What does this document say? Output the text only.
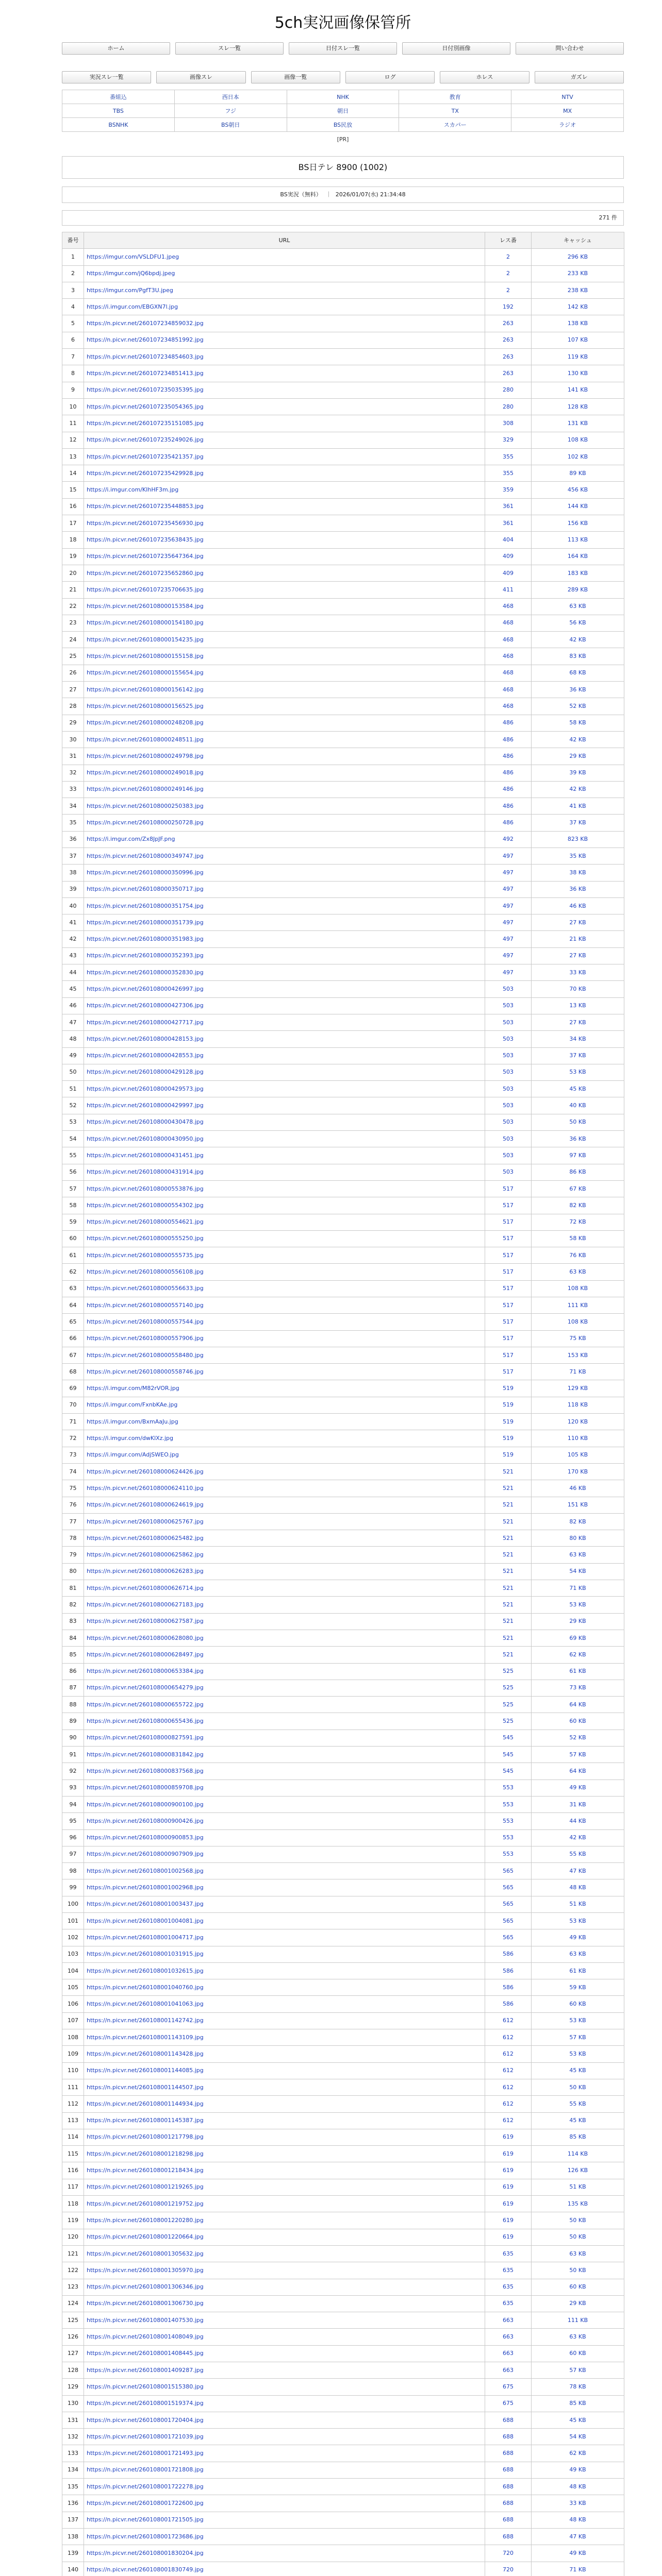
5ch実況画像保管所
ホーム	スレ一覧	日付スレ一覧	日付別画像	問い合わせ
実況スレ一覧	画像スレ	画像一覧	ログ	ホレス	ガズレ
番組込	西日本	NHK	教育	NTV
TBS	フジ	朝日	TX	MX
BSNHK	BS朝日	BS民放	スカパー	ラジオ
[PR]
BS日テレ 8900 (1002)
BS実況（無料） ｜ 2026/01/07(水) 21:34:48
271 件
番号	URL	レス番	キャッシュ
1	https://imgur.com/VSLDFU1.jpeg	2	296 KB
2	https://imgur.com/jQ6bpdj.jpeg	2	233 KB
3	https://imgur.com/PgfT3U.jpeg	2	238 KB
4	https://i.imgur.com/EBGXN7l.jpg	192	142 KB
5	https://n.picvr.net/260107234859032.jpg	263	138 KB
6	https://n.picvr.net/260107234851992.jpg	263	107 KB
7	https://n.picvr.net/260107234854603.jpg	263	119 KB
8	https://n.picvr.net/260107234851413.jpg	263	130 KB
9	https://n.picvr.net/260107235035395.jpg	280	141 KB
10	https://n.picvr.net/260107235054365.jpg	280	128 KB
11	https://n.picvr.net/260107235151085.jpg	308	131 KB
12	https://n.picvr.net/260107235249026.jpg	329	108 KB
13	https://n.picvr.net/260107235421357.jpg	355	102 KB
14	https://n.picvr.net/260107235429928.jpg	355	89 KB
15	https://i.imgur.com/KIhHF3m.jpg	359	456 KB
16	https://n.picvr.net/260107235448853.jpg	361	144 KB
17	https://n.picvr.net/260107235456930.jpg	361	156 KB
18	https://n.picvr.net/260107235638435.jpg	404	113 KB
19	https://n.picvr.net/260107235647364.jpg	409	164 KB
20	https://n.picvr.net/260107235652860.jpg	409	183 KB
21	https://n.picvr.net/260107235706635.jpg	411	289 KB
22	https://n.picvr.net/260108000153584.jpg	468	63 KB
23	https://n.picvr.net/260108000154180.jpg	468	56 KB
24	https://n.picvr.net/260108000154235.jpg	468	42 KB
25	https://n.picvr.net/260108000155158.jpg	468	83 KB
26	https://n.picvr.net/260108000155654.jpg	468	68 KB
27	https://n.picvr.net/260108000156142.jpg	468	36 KB
28	https://n.picvr.net/260108000156525.jpg	468	52 KB
29	https://n.picvr.net/260108000248208.jpg	486	58 KB
30	https://n.picvr.net/260108000248511.jpg	486	42 KB
31	https://n.picvr.net/260108000249798.jpg	486	29 KB
32	https://n.picvr.net/260108000249018.jpg	486	39 KB
33	https://n.picvr.net/260108000249146.jpg	486	42 KB
34	https://n.picvr.net/260108000250383.jpg	486	41 KB
35	https://n.picvr.net/260108000250728.jpg	486	37 KB
36	https://i.imgur.com/Zx8JpJF.png	492	823 KB
37	https://n.picvr.net/260108000349747.jpg	497	35 KB
38	https://n.picvr.net/260108000350996.jpg	497	38 KB
39	https://n.picvr.net/260108000350717.jpg	497	36 KB
40	https://n.picvr.net/260108000351754.jpg	497	46 KB
41	https://n.picvr.net/260108000351739.jpg	497	27 KB
42	https://n.picvr.net/260108000351983.jpg	497	21 KB
43	https://n.picvr.net/260108000352393.jpg	497	27 KB
44	https://n.picvr.net/260108000352830.jpg	497	33 KB
45	https://n.picvr.net/260108000426997.jpg	503	70 KB
46	https://n.picvr.net/260108000427306.jpg	503	13 KB
47	https://n.picvr.net/260108000427717.jpg	503	27 KB
48	https://n.picvr.net/260108000428153.jpg	503	34 KB
49	https://n.picvr.net/260108000428553.jpg	503	37 KB
50	https://n.picvr.net/260108000429128.jpg	503	53 KB
51	https://n.picvr.net/260108000429573.jpg	503	45 KB
52	https://n.picvr.net/260108000429997.jpg	503	40 KB
53	https://n.picvr.net/260108000430478.jpg	503	50 KB
54	https://n.picvr.net/260108000430950.jpg	503	36 KB
55	https://n.picvr.net/260108000431451.jpg	503	97 KB
56	https://n.picvr.net/260108000431914.jpg	503	86 KB
57	https://n.picvr.net/260108000553876.jpg	517	67 KB
58	https://n.picvr.net/260108000554302.jpg	517	82 KB
59	https://n.picvr.net/260108000554621.jpg	517	72 KB
60	https://n.picvr.net/260108000555250.jpg	517	58 KB
61	https://n.picvr.net/260108000555735.jpg	517	76 KB
62	https://n.picvr.net/260108000556108.jpg	517	63 KB
63	https://n.picvr.net/260108000556633.jpg	517	108 KB
64	https://n.picvr.net/260108000557140.jpg	517	111 KB
65	https://n.picvr.net/260108000557544.jpg	517	108 KB
66	https://n.picvr.net/260108000557906.jpg	517	75 KB
67	https://n.picvr.net/260108000558480.jpg	517	153 KB
68	https://n.picvr.net/260108000558746.jpg	517	71 KB
69	https://i.imgur.com/M82rVOR.jpg	519	129 KB
70	https://i.imgur.com/FxnbKAe.jpg	519	118 KB
71	https://i.imgur.com/BxmAaJu.jpg	519	120 KB
72	https://i.imgur.com/dwKlXz.jpg	519	110 KB
73	https://i.imgur.com/AdjSWEO.jpg	519	105 KB
74	https://n.picvr.net/260108000624426.jpg	521	170 KB
75	https://n.picvr.net/260108000624110.jpg	521	46 KB
76	https://n.picvr.net/260108000624619.jpg	521	151 KB
77	https://n.picvr.net/260108000625767.jpg	521	82 KB
78	https://n.picvr.net/260108000625482.jpg	521	80 KB
79	https://n.picvr.net/260108000625862.jpg	521	63 KB
80	https://n.picvr.net/260108000626283.jpg	521	54 KB
81	https://n.picvr.net/260108000626714.jpg	521	71 KB
82	https://n.picvr.net/260108000627183.jpg	521	53 KB
83	https://n.picvr.net/260108000627587.jpg	521	29 KB
84	https://n.picvr.net/260108000628080.jpg	521	69 KB
85	https://n.picvr.net/260108000628497.jpg	521	62 KB
86	https://n.picvr.net/260108000653384.jpg	525	61 KB
87	https://n.picvr.net/260108000654279.jpg	525	73 KB
88	https://n.picvr.net/260108000655722.jpg	525	64 KB
89	https://n.picvr.net/260108000655436.jpg	525	60 KB
90	https://n.picvr.net/260108000827591.jpg	545	52 KB
91	https://n.picvr.net/260108000831842.jpg	545	57 KB
92	https://n.picvr.net/260108000837568.jpg	545	64 KB
93	https://n.picvr.net/260108000859708.jpg	553	49 KB
94	https://n.picvr.net/260108000900100.jpg	553	31 KB
95	https://n.picvr.net/260108000900426.jpg	553	44 KB
96	https://n.picvr.net/260108000900853.jpg	553	42 KB
97	https://n.picvr.net/260108000907909.jpg	553	55 KB
98	https://n.picvr.net/260108001002568.jpg	565	47 KB
99	https://n.picvr.net/260108001002968.jpg	565	48 KB
100	https://n.picvr.net/260108001003437.jpg	565	51 KB
101	https://n.picvr.net/260108001004081.jpg	565	53 KB
102	https://n.picvr.net/260108001004717.jpg	565	49 KB
103	https://n.picvr.net/260108001031915.jpg	586	63 KB
104	https://n.picvr.net/260108001032615.jpg	586	61 KB
105	https://n.picvr.net/260108001040760.jpg	586	59 KB
106	https://n.picvr.net/260108001041063.jpg	586	60 KB
107	https://n.picvr.net/260108001142742.jpg	612	53 KB
108	https://n.picvr.net/260108001143109.jpg	612	57 KB
109	https://n.picvr.net/260108001143428.jpg	612	53 KB
110	https://n.picvr.net/260108001144085.jpg	612	45 KB
111	https://n.picvr.net/260108001144507.jpg	612	50 KB
112	https://n.picvr.net/260108001144934.jpg	612	55 KB
113	https://n.picvr.net/260108001145387.jpg	612	45 KB
114	https://n.picvr.net/260108001217798.jpg	619	85 KB
115	https://n.picvr.net/260108001218298.jpg	619	114 KB
116	https://n.picvr.net/260108001218434.jpg	619	126 KB
117	https://n.picvr.net/260108001219265.jpg	619	51 KB
118	https://n.picvr.net/260108001219752.jpg	619	135 KB
119	https://n.picvr.net/260108001220280.jpg	619	50 KB
120	https://n.picvr.net/260108001220664.jpg	619	50 KB
121	https://n.picvr.net/260108001305632.jpg	635	63 KB
122	https://n.picvr.net/260108001305970.jpg	635	50 KB
123	https://n.picvr.net/260108001306346.jpg	635	60 KB
124	https://n.picvr.net/260108001306730.jpg	635	29 KB
125	https://n.picvr.net/260108001407530.jpg	663	111 KB
126	https://n.picvr.net/260108001408049.jpg	663	63 KB
127	https://n.picvr.net/260108001408445.jpg	663	60 KB
128	https://n.picvr.net/260108001409287.jpg	663	57 KB
129	https://n.picvr.net/260108001515380.jpg	675	78 KB
130	https://n.picvr.net/260108001519374.jpg	675	85 KB
131	https://n.picvr.net/260108001720404.jpg	688	45 KB
132	https://n.picvr.net/260108001721039.jpg	688	54 KB
133	https://n.picvr.net/260108001721493.jpg	688	62 KB
134	https://n.picvr.net/260108001721808.jpg	688	49 KB
135	https://n.picvr.net/260108001722278.jpg	688	48 KB
136	https://n.picvr.net/260108001722600.jpg	688	33 KB
137	https://n.picvr.net/260108001721505.jpg	688	48 KB
138	https://n.picvr.net/260108001723686.jpg	688	47 KB
139	https://n.picvr.net/260108001830204.jpg	720	49 KB
140	https://n.picvr.net/260108001830749.jpg	720	71 KB
